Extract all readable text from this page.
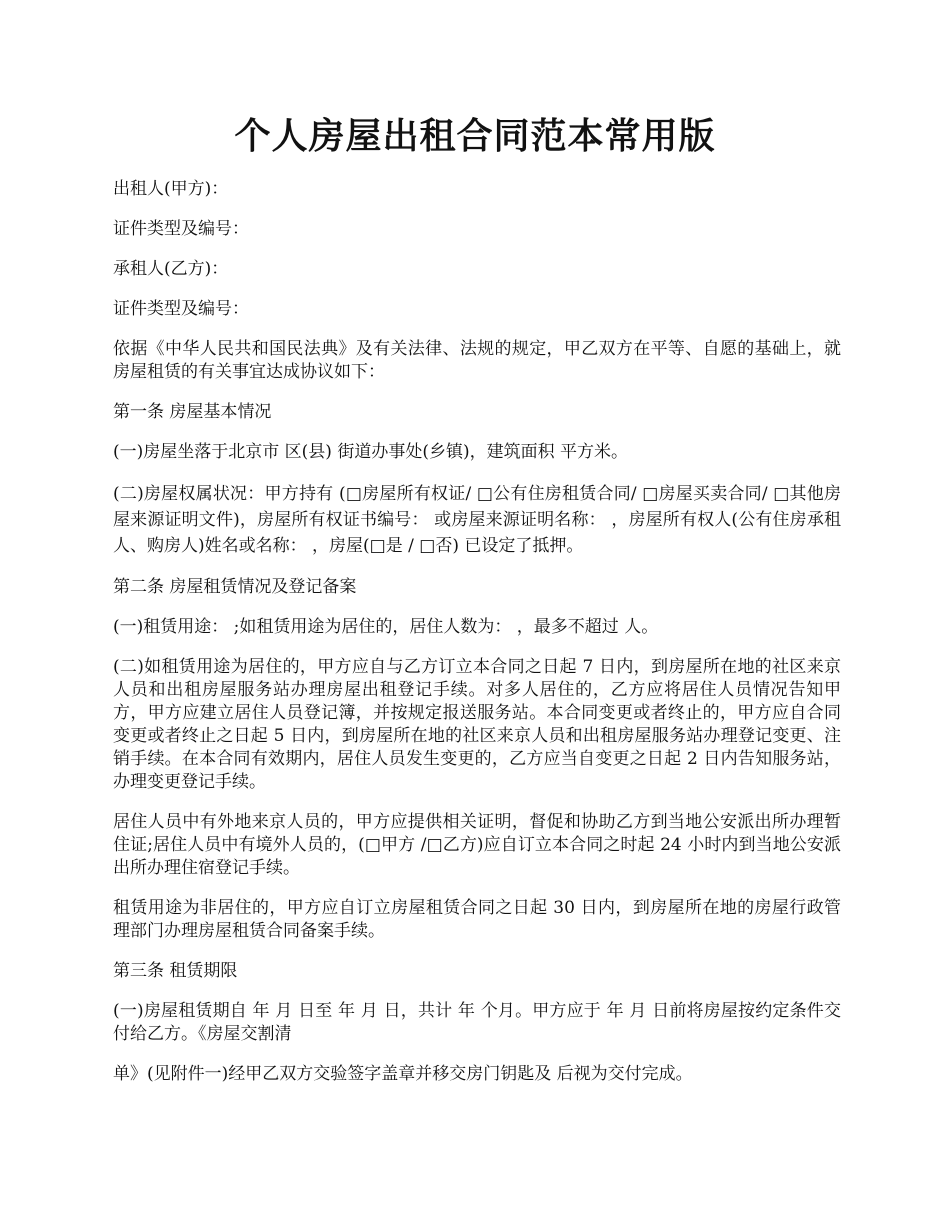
个人房屋出租合同范本常用版

出租人(甲方)：

证件类型及编号：

承租人(乙方)：

证件类型及编号：

依据《中华人民共和国民法典》及有关法律、法规的规定，甲乙双方在平等、自愿的基础上，就房屋租赁的有关事宜达成协议如下：

第一条 房屋基本情况

(一)房屋坐落于北京市 区(县) 街道办事处(乡镇)，建筑面积 平方米。

(二)房屋权属状况：甲方持有 (□房屋所有权证/ □公有住房租赁合同/ □房屋买卖合同/ □其他房屋来源证明文件)，房屋所有权证书编号： 或房屋来源证明名称： ，房屋所有权人(公有住房承租人、购房人)姓名或名称： ，房屋(□是 / □否) 已设定了抵押。

第二条 房屋租赁情况及登记备案

(一)租赁用途： ;如租赁用途为居住的，居住人数为： ，最多不超过 人。

(二)如租赁用途为居住的，甲方应自与乙方订立本合同之日起 7 日内，到房屋所在地的社区来京人员和出租房屋服务站办理房屋出租登记手续。对多人居住的，乙方应将居住人员情况告知甲方，甲方应建立居住人员登记簿，并按规定报送服务站。本合同变更或者终止的，甲方应自合同变更或者终止之日起 5 日内，到房屋所在地的社区来京人员和出租房屋服务站办理登记变更、注销手续。在本合同有效期内，居住人员发生变更的，乙方应当自变更之日起 2 日内告知服务站，办理变更登记手续。

居住人员中有外地来京人员的，甲方应提供相关证明，督促和协助乙方到当地公安派出所办理暂住证;居住人员中有境外人员的，(□甲方 /□乙方)应自订立本合同之时起 24 小时内到当地公安派出所办理住宿登记手续。

租赁用途为非居住的，甲方应自订立房屋租赁合同之日起 30 日内，到房屋所在地的房屋行政管理部门办理房屋租赁合同备案手续。

第三条 租赁期限

(一)房屋租赁期自 年 月 日至 年 月 日，共计 年 个月。甲方应于 年 月 日前将房屋按约定条件交付给乙方。《房屋交割清

单》(见附件一)经甲乙双方交验签字盖章并移交房门钥匙及 后视为交付完成。
